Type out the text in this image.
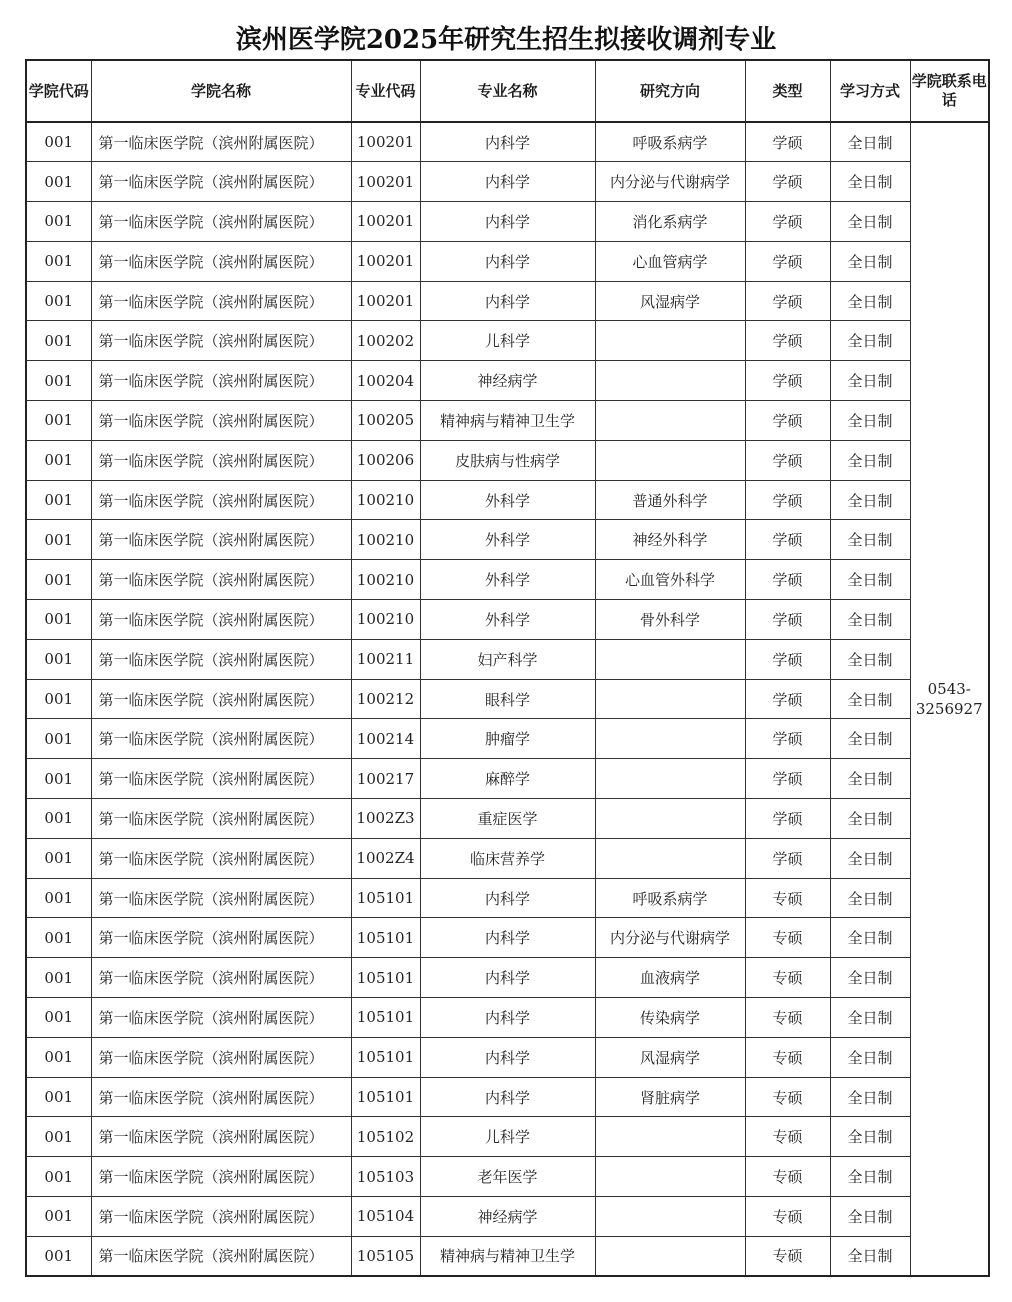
滨州医学院2025年研究生招生拟接收调剂专业
学院代码	学院名称	专业代码	专业名称	研究方向	类型	学习方式	学院联系电话
001	第一临床医学院（滨州附属医院）	100201	内科学	呼吸系病学	学硕	全日制	0543-3256927
001	第一临床医学院（滨州附属医院）	100201	内科学	内分泌与代谢病学	学硕	全日制	
001	第一临床医学院（滨州附属医院）	100201	内科学	消化系病学	学硕	全日制	
001	第一临床医学院（滨州附属医院）	100201	内科学	心血管病学	学硕	全日制	
001	第一临床医学院（滨州附属医院）	100201	内科学	风湿病学	学硕	全日制	
001	第一临床医学院（滨州附属医院）	100202	儿科学		学硕	全日制	
001	第一临床医学院（滨州附属医院）	100204	神经病学		学硕	全日制	
001	第一临床医学院（滨州附属医院）	100205	精神病与精神卫生学		学硕	全日制	
001	第一临床医学院（滨州附属医院）	100206	皮肤病与性病学		学硕	全日制	
001	第一临床医学院（滨州附属医院）	100210	外科学	普通外科学	学硕	全日制	
001	第一临床医学院（滨州附属医院）	100210	外科学	神经外科学	学硕	全日制	
001	第一临床医学院（滨州附属医院）	100210	外科学	心血管外科学	学硕	全日制	
001	第一临床医学院（滨州附属医院）	100210	外科学	骨外科学	学硕	全日制	
001	第一临床医学院（滨州附属医院）	100211	妇产科学		学硕	全日制	
001	第一临床医学院（滨州附属医院）	100212	眼科学		学硕	全日制	
001	第一临床医学院（滨州附属医院）	100214	肿瘤学		学硕	全日制	
001	第一临床医学院（滨州附属医院）	100217	麻醉学		学硕	全日制	
001	第一临床医学院（滨州附属医院）	1002Z3	重症医学		学硕	全日制	
001	第一临床医学院（滨州附属医院）	1002Z4	临床营养学		学硕	全日制	
001	第一临床医学院（滨州附属医院）	105101	内科学	呼吸系病学	专硕	全日制	
001	第一临床医学院（滨州附属医院）	105101	内科学	内分泌与代谢病学	专硕	全日制	
001	第一临床医学院（滨州附属医院）	105101	内科学	血液病学	专硕	全日制	
001	第一临床医学院（滨州附属医院）	105101	内科学	传染病学	专硕	全日制	
001	第一临床医学院（滨州附属医院）	105101	内科学	风湿病学	专硕	全日制	
001	第一临床医学院（滨州附属医院）	105101	内科学	肾脏病学	专硕	全日制	
001	第一临床医学院（滨州附属医院）	105102	儿科学		专硕	全日制	
001	第一临床医学院（滨州附属医院）	105103	老年医学		专硕	全日制	
001	第一临床医学院（滨州附属医院）	105104	神经病学		专硕	全日制	
001	第一临床医学院（滨州附属医院）	105105	精神病与精神卫生学		专硕	全日制	
